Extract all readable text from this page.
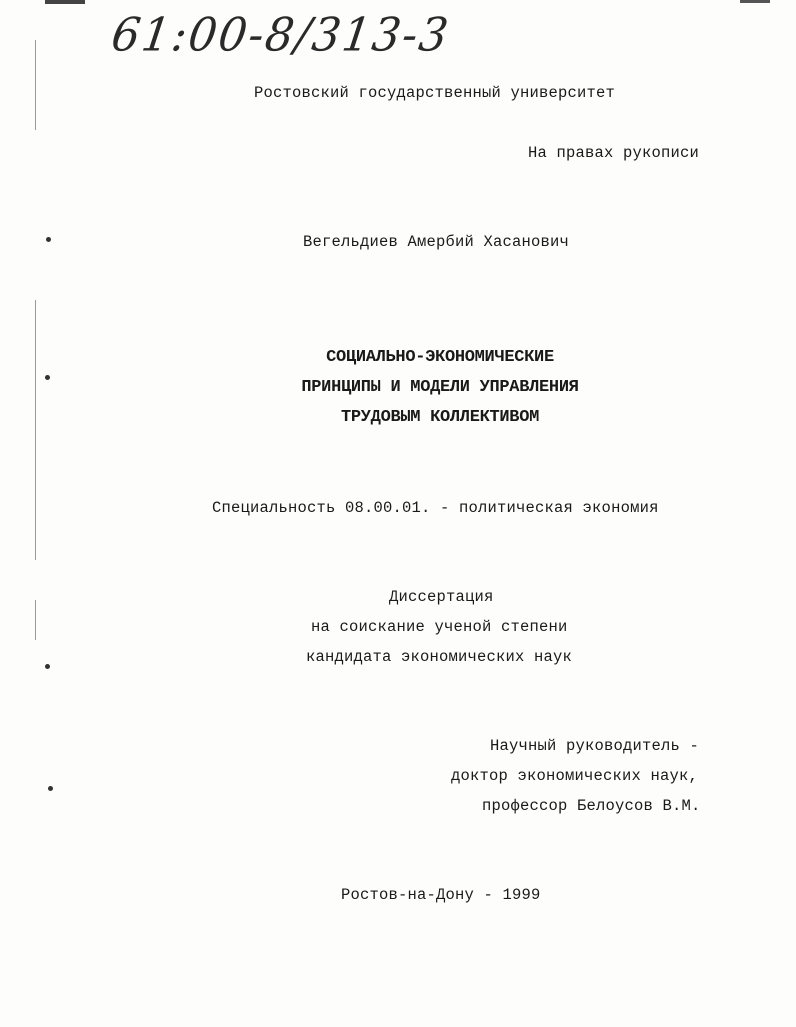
61:00-8/313-3
Ростовский государственный университет
На правах рукописи
Вегельдиев Амербий Хасанович
СОЦИАЛЬНО-ЭКОНОМИЧЕСКИЕ
ПРИНЦИПЫ И МОДЕЛИ УПРАВЛЕНИЯ
ТРУДОВЫМ КОЛЛЕКТИВОМ
Специальность 08.00.01. - политическая экономия
Диссертация
на соискание ученой степени
кандидата экономических наук
Научный руководитель -
доктор экономических наук,
профессор Белоусов В.М.
Ростов-на-Дону - 1999
